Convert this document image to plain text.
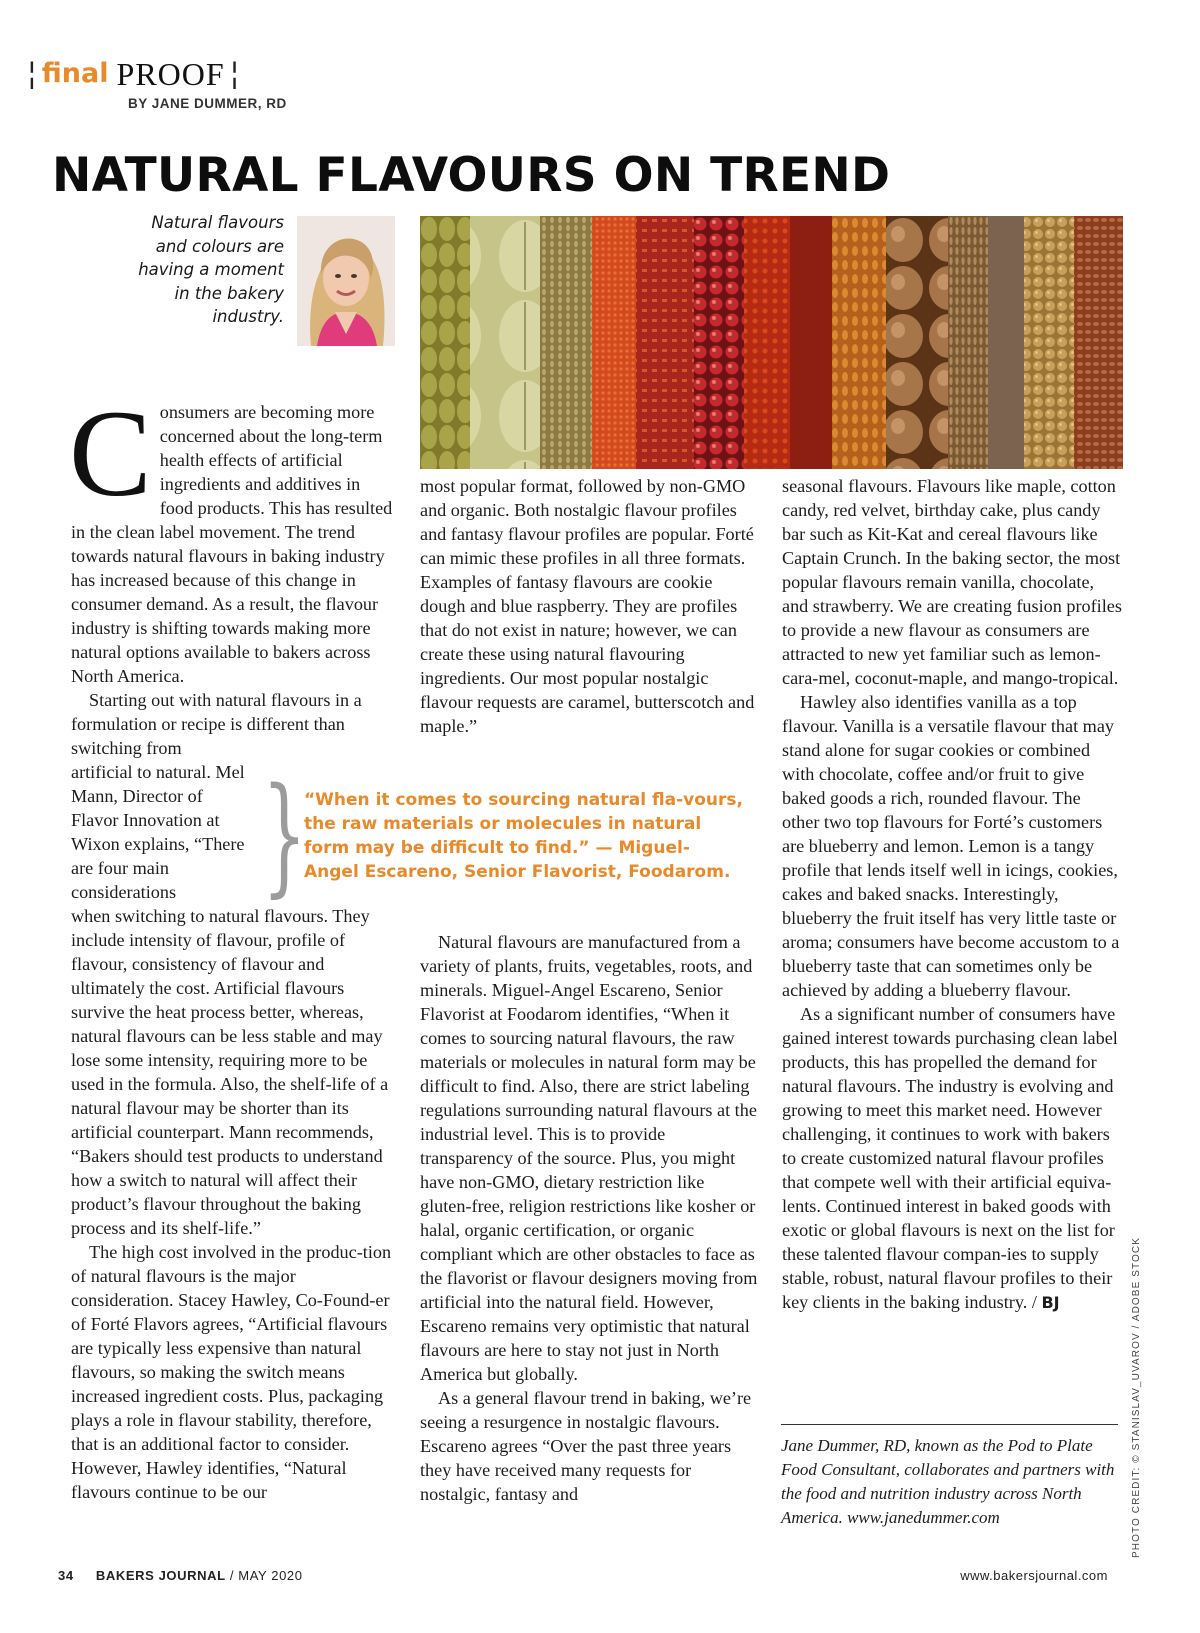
¦ final PROOF ¦
BY JANE DUMMER, RD
NATURAL FLAVOURS ON TREND
Natural flavours and colours are having a moment in the bakery industry.
C onsumers are becoming more concerned about the long-term health effects of artificial ingredients and additives in food products. This has resulted in the clean label movement. The trend towards natural flavours in baking industry has increased because of this change in consumer demand. As a result, the flavour industry is shifting towards making more natural options available to bakers across North America.

Starting out with natural flavours in a formulation or recipe is different than switching from

artificial to natural. Mel Mann, Director of Flavor Innovation at Wixon explains, “There are four main considerations

when switching to natural flavours. They include intensity of flavour, profile of flavour, consistency of flavour and ultimately the cost. Artificial flavours survive the heat process better, whereas, natural flavours can be less stable and may lose some intensity, requiring more to be used in the formula. Also, the shelf-life of a natural flavour may be shorter than its artificial counterpart. Mann recommends, “Bakers should test products to understand how a switch to natural will affect their product’s flavour throughout the baking process and its shelf-life.”

The high cost involved in the produc-tion of natural flavours is the major consideration. Stacey Hawley, Co-Found-er of Forté Flavors agrees, “Artificial flavours are typically less expensive than natural flavours, so making the switch means increased ingredient costs. Plus, packaging plays a role in flavour stability, therefore, that is an additional factor to consider. However, Hawley identifies, “Natural flavours continue to be our

}
“When it comes to sourcing natural fla-vours, the raw materials or molecules in natural form may be difficult to find.” — Miguel-Angel Escareno, Senior Flavorist, Foodarom.

most popular format, followed by non-GMO and organic. Both nostalgic flavour profiles and fantasy flavour profiles are popular. Forté can mimic these profiles in all three formats. Examples of fantasy flavours are cookie dough and blue raspberry. They are profiles that do not exist in nature; however, we can create these using natural flavouring ingredients. Our most popular nostalgic flavour requests are caramel, butterscotch and maple.”

Natural flavours are manufactured from a variety of plants, fruits, vegetables, roots, and minerals. Miguel-Angel Escareno, Senior Flavorist at Foodarom identifies, “When it comes to sourcing natural flavours, the raw materials or molecules in natural form may be difficult to find. Also, there are strict labeling regulations surrounding natural flavours at the industrial level. This is to provide transparency of the source. Plus, you might have non-GMO, dietary restriction like gluten-free, religion restrictions like kosher or halal, organic certification, or organic compliant which are other obstacles to face as the flavorist or flavour designers moving from artificial into the natural field. However, Escareno remains very optimistic that natural flavours are here to stay not just in North America but globally.

As a general flavour trend in baking, we’re seeing a resurgence in nostalgic flavours. Escareno agrees “Over the past three years they have received many requests for nostalgic, fantasy and

seasonal flavours. Flavours like maple, cotton candy, red velvet, birthday cake, plus candy bar such as Kit-Kat and cereal flavours like Captain Crunch. In the baking sector, the most popular flavours remain vanilla, chocolate, and strawberry. We are creating fusion profiles to provide a new flavour as consumers are attracted to new yet familiar such as lemon-cara-mel, coconut-maple, and mango-tropical.

Hawley also identifies vanilla as a top flavour. Vanilla is a versatile flavour that may stand alone for sugar cookies or combined with chocolate, coffee and/or fruit to give baked goods a rich, rounded flavour. The other two top flavours for Forté’s customers are blueberry and lemon. Lemon is a tangy profile that lends itself well in icings, cookies, cakes and baked snacks. Interestingly, blueberry the fruit itself has very little taste or aroma; consumers have become accustom to a blueberry taste that can sometimes only be achieved by adding a blueberry flavour.

As a significant number of consumers have gained interest towards purchasing clean label products, this has propelled the demand for natural flavours. The industry is evolving and growing to meet this market need. However challenging, it continues to work with bakers to create customized natural flavour profiles that compete well with their artificial equiva-lents. Continued interest in baked goods with exotic or global flavours is next on the list for these talented flavour compan-ies to supply stable, robust, natural flavour profiles to their key clients in the baking industry. / BJ

Jane Dummer, RD, known as the Pod to Plate Food Consultant, collaborates and partners with the food and nutrition industry across North America. www.janedummer.com	PHOTO CREDIT: © STANISLAV_UVAROV / ADOBE STOCK
34 BAKERS JOURNAL / MAY 2020	www.bakersjournal.com
